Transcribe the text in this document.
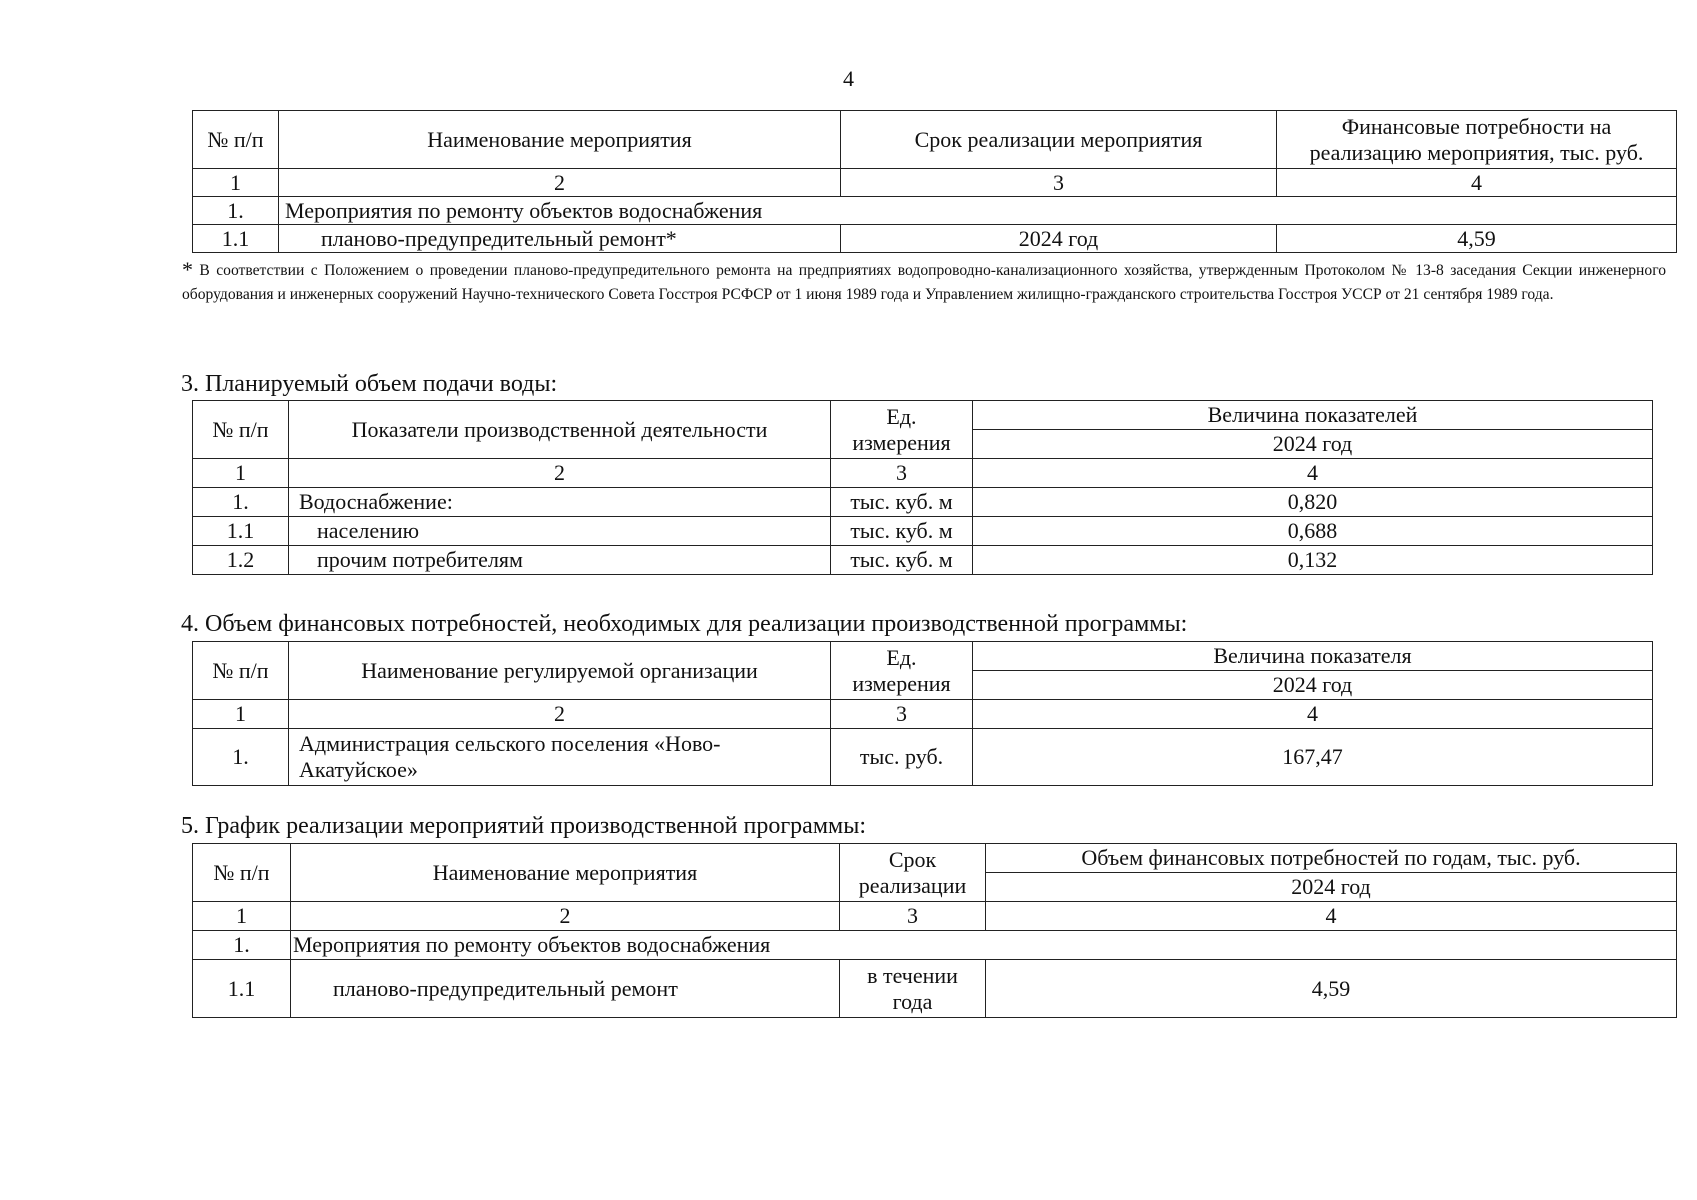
4
№ п/п	Наименование мероприятия	Срок реализации мероприятия	Финансовые потребности на реализацию мероприятия, тыс. руб.
1	2	3	4
1.	Мероприятия по ремонту объектов водоснабжения		
1.1	планово-предупредительный ремонт*	2024 год	4,59
* В соответствии с Положением о проведении планово-предупредительного ремонта на предприятиях водопроводно-канализационного хозяйства, утвержденным Протоколом № 13-8 заседания Секции инженерного оборудования и инженерных сооружений Научно-технического Совета Госстроя РСФСР от 1 июня 1989 года и Управлением жилищно-гражданского строительства Госстроя УССР от 21 сентября 1989 года.
3. Планируемый объем подачи воды:
№ п/п	Показатели производственной деятельности	Ед. измерения	Величина показателей
			2024 год
1	2	3	4
1.	Водоснабжение:	тыс. куб. м	0,820
1.1	населению	тыс. куб. м	0,688
1.2	прочим потребителям	тыс. куб. м	0,132
4. Объем финансовых потребностей, необходимых для реализации производственной программы:
№ п/п	Наименование регулируемой организации	Ед. измерения	Величина показателя
			2024 год
1	2	3	4
1.	Администрация сельского поселения «Ново-Акатуйское»	тыс. руб.	167,47
5. График реализации мероприятий производственной программы:
№ п/п	Наименование мероприятия	Срок реализации	Объем финансовых потребностей по годам, тыс. руб.
			2024 год
1	2	3	4
1.	Мероприятия по ремонту объектов водоснабжения		
1.1	планово-предупредительный ремонт	в течении года	4,59
